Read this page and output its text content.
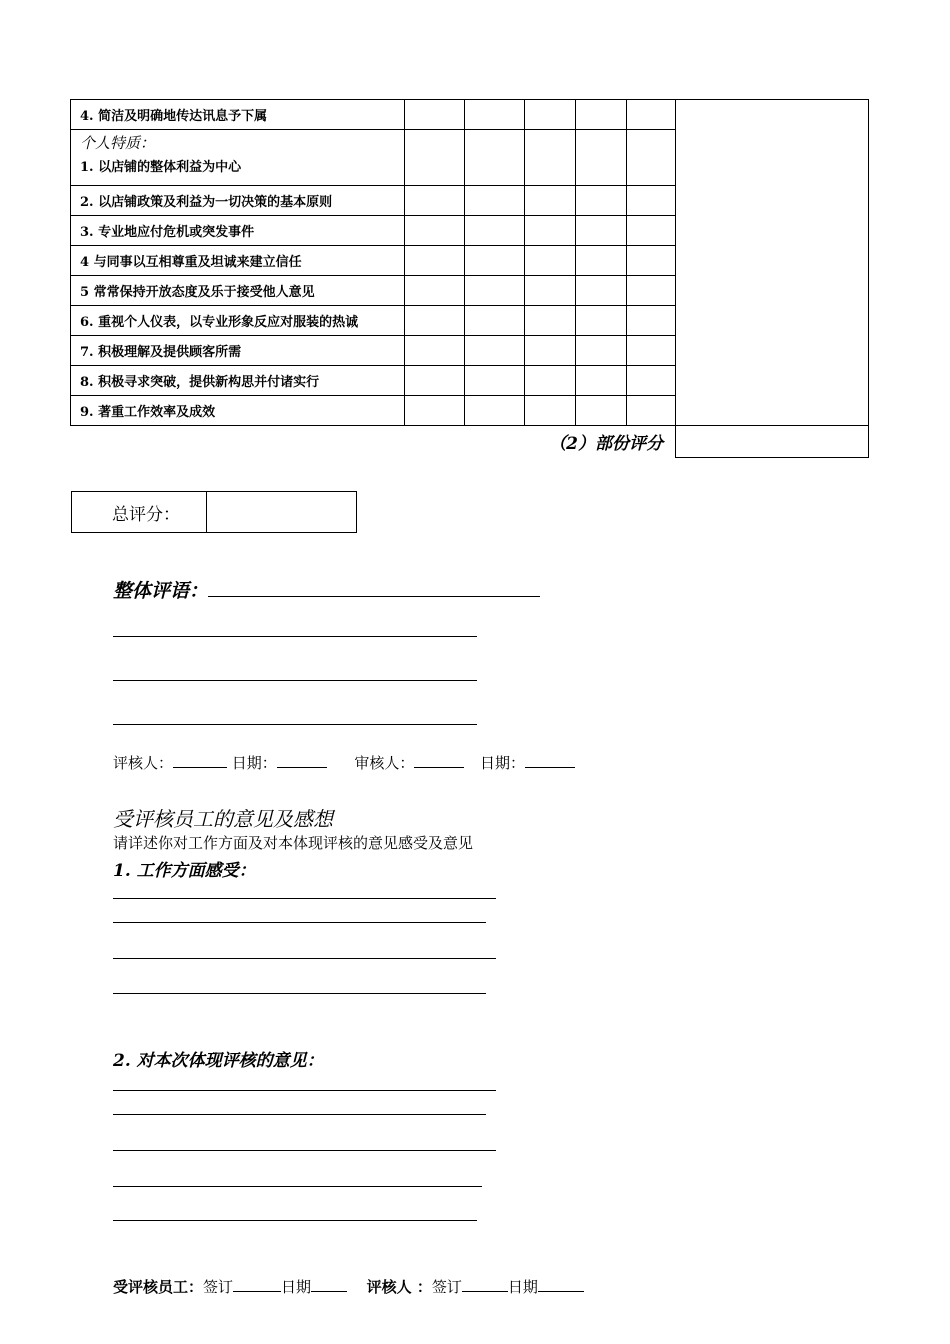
4. 简洁及明确地传达讯息予下属						

个人特质：
1. 以店铺的整体利益为中心						

2. 以店铺政策及利益为一切决策的基本原则						
3. 专业地应付危机或突发事件						
4 与同事以互相尊重及坦诚来建立信任						
5 常常保持开放态度及乐于接受他人意见						
6. 重视个人仪表，以专业形象反应对服装的热诚						
7. 积极理解及提供顾客所需						
8. 积极寻求突破，提供新构思并付诸实行						
9. 著重工作效率及成效						
（2）部份评分						
总评分：	
整体评语：
评核人：	日期：	审核人：	日期：
受评核员工的意见及感想
请详述你对工作方面及对本体现评核的意见感受及意见
1. 工作方面感受：
2. 对本次体现评核的意见：
受评核员工：签订	日期	评核人 ：签订	日期
